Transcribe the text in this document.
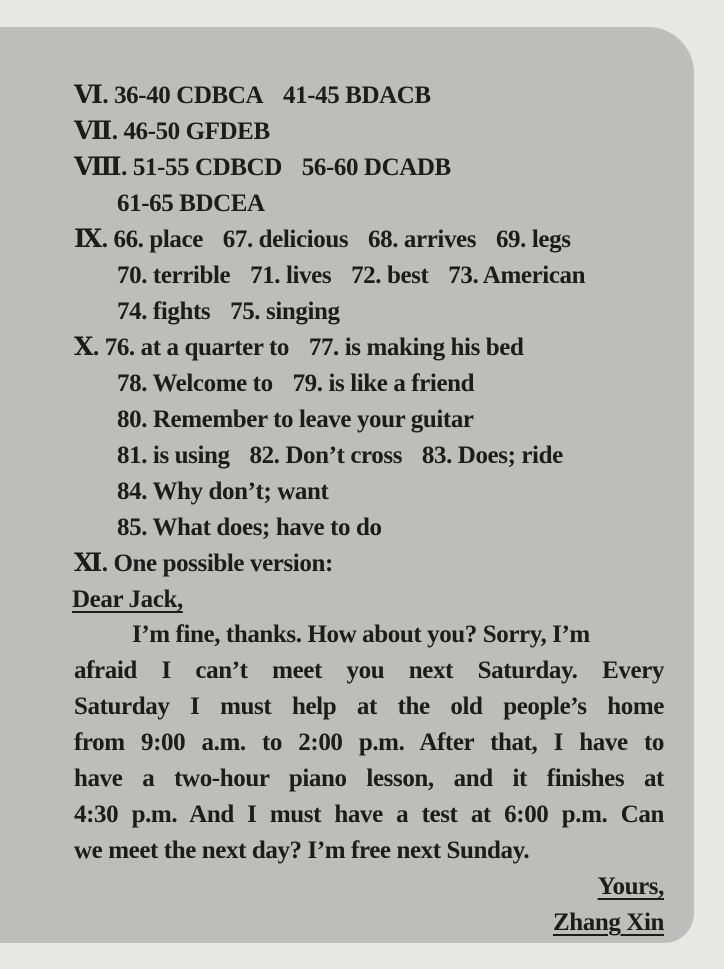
Ⅵ. 36-40 CDBCA 41-45 BDACB
Ⅶ. 46-50 GFDEB
Ⅷ. 51-55 CDBCD 56-60 DCADB
61-65 BDCEA
Ⅸ. 66. place 67. delicious 68. arrives 69. legs
70. terrible 71. lives 72. best 73. American
74. fights 75. singing
Ⅹ. 76. at a quarter to 77. is making his bed
78. Welcome to 79. is like a friend
80. Remember to leave your guitar
81. is using 82. Don’t cross 83. Does; ride
84. Why don’t; want
85. What does; have to do
Ⅺ. One possible version:
Dear Jack,
I’m fine, thanks. How about you? Sorry, I’m
afraid I can’t meet you next Saturday. Every
Saturday I must help at the old people’s home
from 9:00 a.m. to 2:00 p.m. After that, I have to
have a two-hour piano lesson, and it finishes at
4:30 p.m. And I must have a test at 6:00 p.m. Can
we meet the next day? I’m free next Sunday.
Yours,
Zhang Xin
